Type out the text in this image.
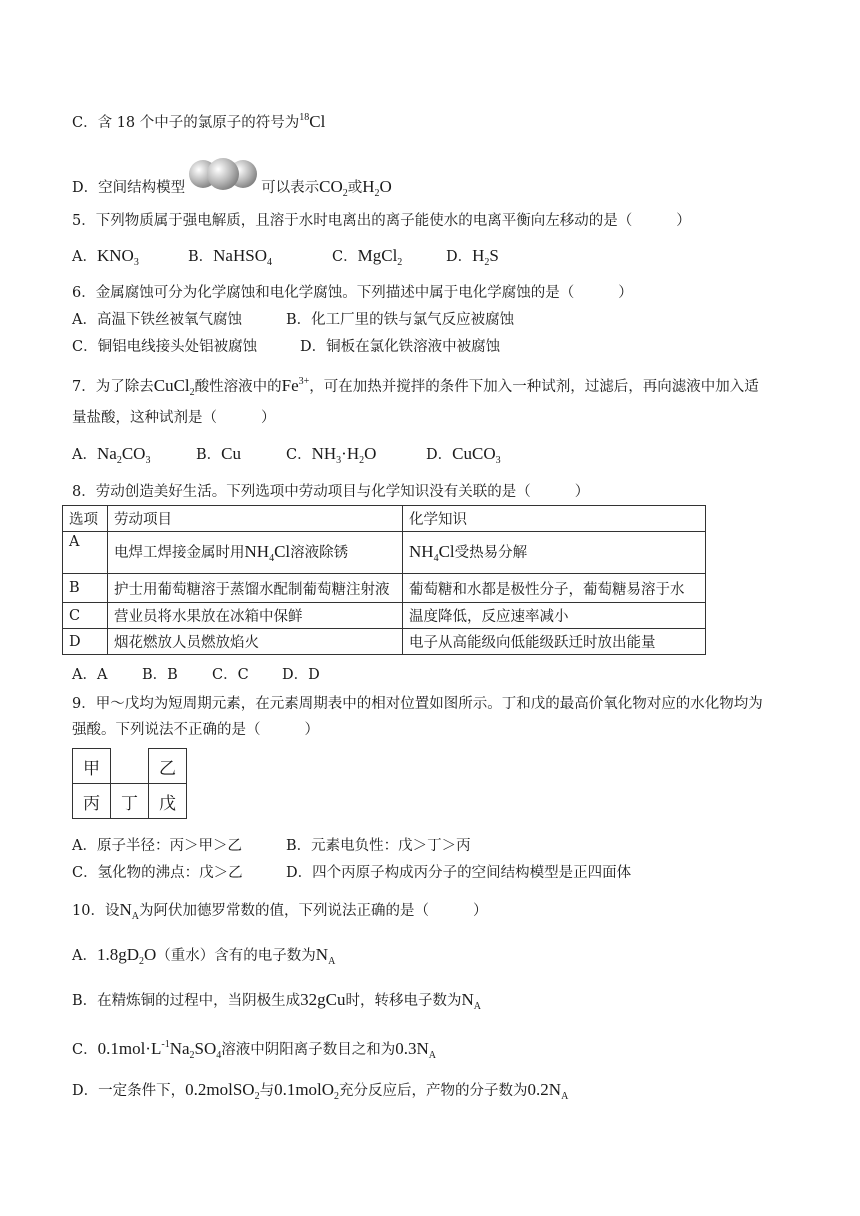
C．含 18 个中子的氯原子的符号为$^{18}$Cl
D．空间结构模型	可以表示$CO_2$或$H_2O$
5．下列物质属于强电解质，且溶于水时电离出的离子能使水的电离平衡向左移动的是（	）
A．$KNO_3$	B．NaHSO$_4$	C．MgCl$_2$	D．$H_2S$
6．金属腐蚀可分为化学腐蚀和电化学腐蚀。下列描述中属于电化学腐蚀的是（	）
A．高温下铁丝被氧气腐蚀	B．化工厂里的铁与氯气反应被腐蚀
C．铜铝电线接头处铝被腐蚀	D．铜板在氯化铁溶液中被腐蚀
7．为了除去CuCl$_2$酸性溶液中的$Fe^{3+}$，可在加热并搅拌的条件下加入一种试剂，过滤后，再向滤液中加入适
量盐酸，这种试剂是（	）
A．$Na_2CO_3$	B．Cu	C．$NH_3\cdot H_2O$	D．CuCO$_3$
8．劳动创造美好生活。下列选项中劳动项目与化学知识没有关联的是（	）
选项	劳动项目	化学知识
A	电焊工焊接金属时用$NH_4Cl$溶液除锈	$NH_4Cl$受热易分解
B	护士用葡萄糖溶于蒸馏水配制葡萄糖注射液	葡萄糖和水都是极性分子，葡萄糖易溶于水
C	营业员将水果放在冰箱中保鲜	温度降低，反应速率减小
D	烟花燃放人员燃放焰火	电子从高能级向低能级跃迁时放出能量
A．A B．B C．C D．D
9．甲～戊均为短周期元素，在元素周期表中的相对位置如图所示。丁和戊的最高价氧化物对应的水化物均为
强酸。下列说法不正确的是（	）
甲		乙
丙	丁	戊
A．原子半径：丙＞甲＞乙	B．元素电负性：戊＞丁＞丙
C．氢化物的沸点：戊＞乙	D．四个丙原子构成丙分子的空间结构模型是正四面体
10．设$N_A$为阿伏加德罗常数的值，下列说法正确的是（	）
A．$1.8gD_2O$（重水）含有的电子数为$N_A$
B．在精炼铜的过程中，当阴极生成32gCu时，转移电子数为$N_A$
C．$0.1mol\cdot L^{-1}Na_2SO_4$溶液中阴阳离子数目之和为$0.3N_A$
D．一定条件下，0.2molSO$_2$与0.1molO$_2$充分反应后，产物的分子数为$0.2N_A$
